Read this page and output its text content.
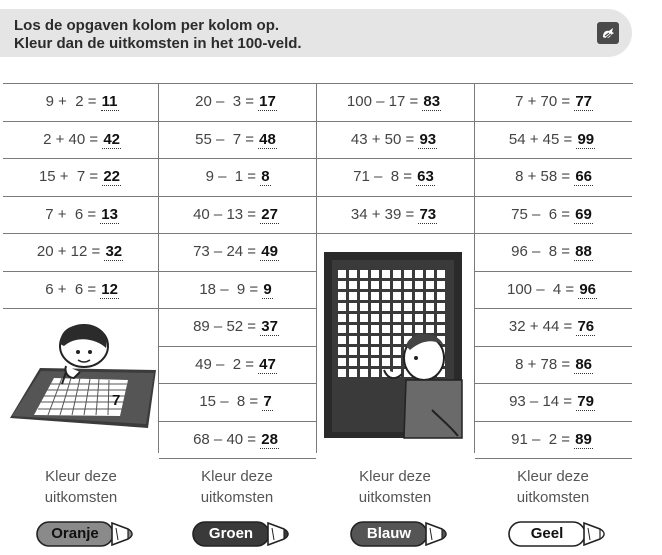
Los de opgaven kolom per kolom op.
Kleur dan de uitkomsten in het 100-veld.
9 +  2 = 11
2 + 40 = 42
15 +  7 = 22
7 +  6 = 13
20 + 12 = 32
6 +  6 = 12
20 –  3 = 17
55 –  7 = 48
9 –  1 = 8
40 – 13 = 27
73 – 24 = 49
18 –  9 = 9
89 – 52 = 37
49 –  2 = 47
15 –  8 = 7
68 – 40 = 28
100 – 17 = 83
43 + 50 = 93
71 –  8 = 63
34 + 39 = 73
7 + 70 = 77
54 + 45 = 99
8 + 58 = 66
75 –  6 = 69
96 –  8 = 88
100 –  4 = 96
32 + 44 = 76
8 + 78 = 86
93 – 14 = 79
91 –  2 = 89
7
Kleur deze
uitkomsten
Oranje
Kleur deze
uitkomsten
Groen
Kleur deze
uitkomsten
Blauw
Kleur deze
uitkomsten
Geel
